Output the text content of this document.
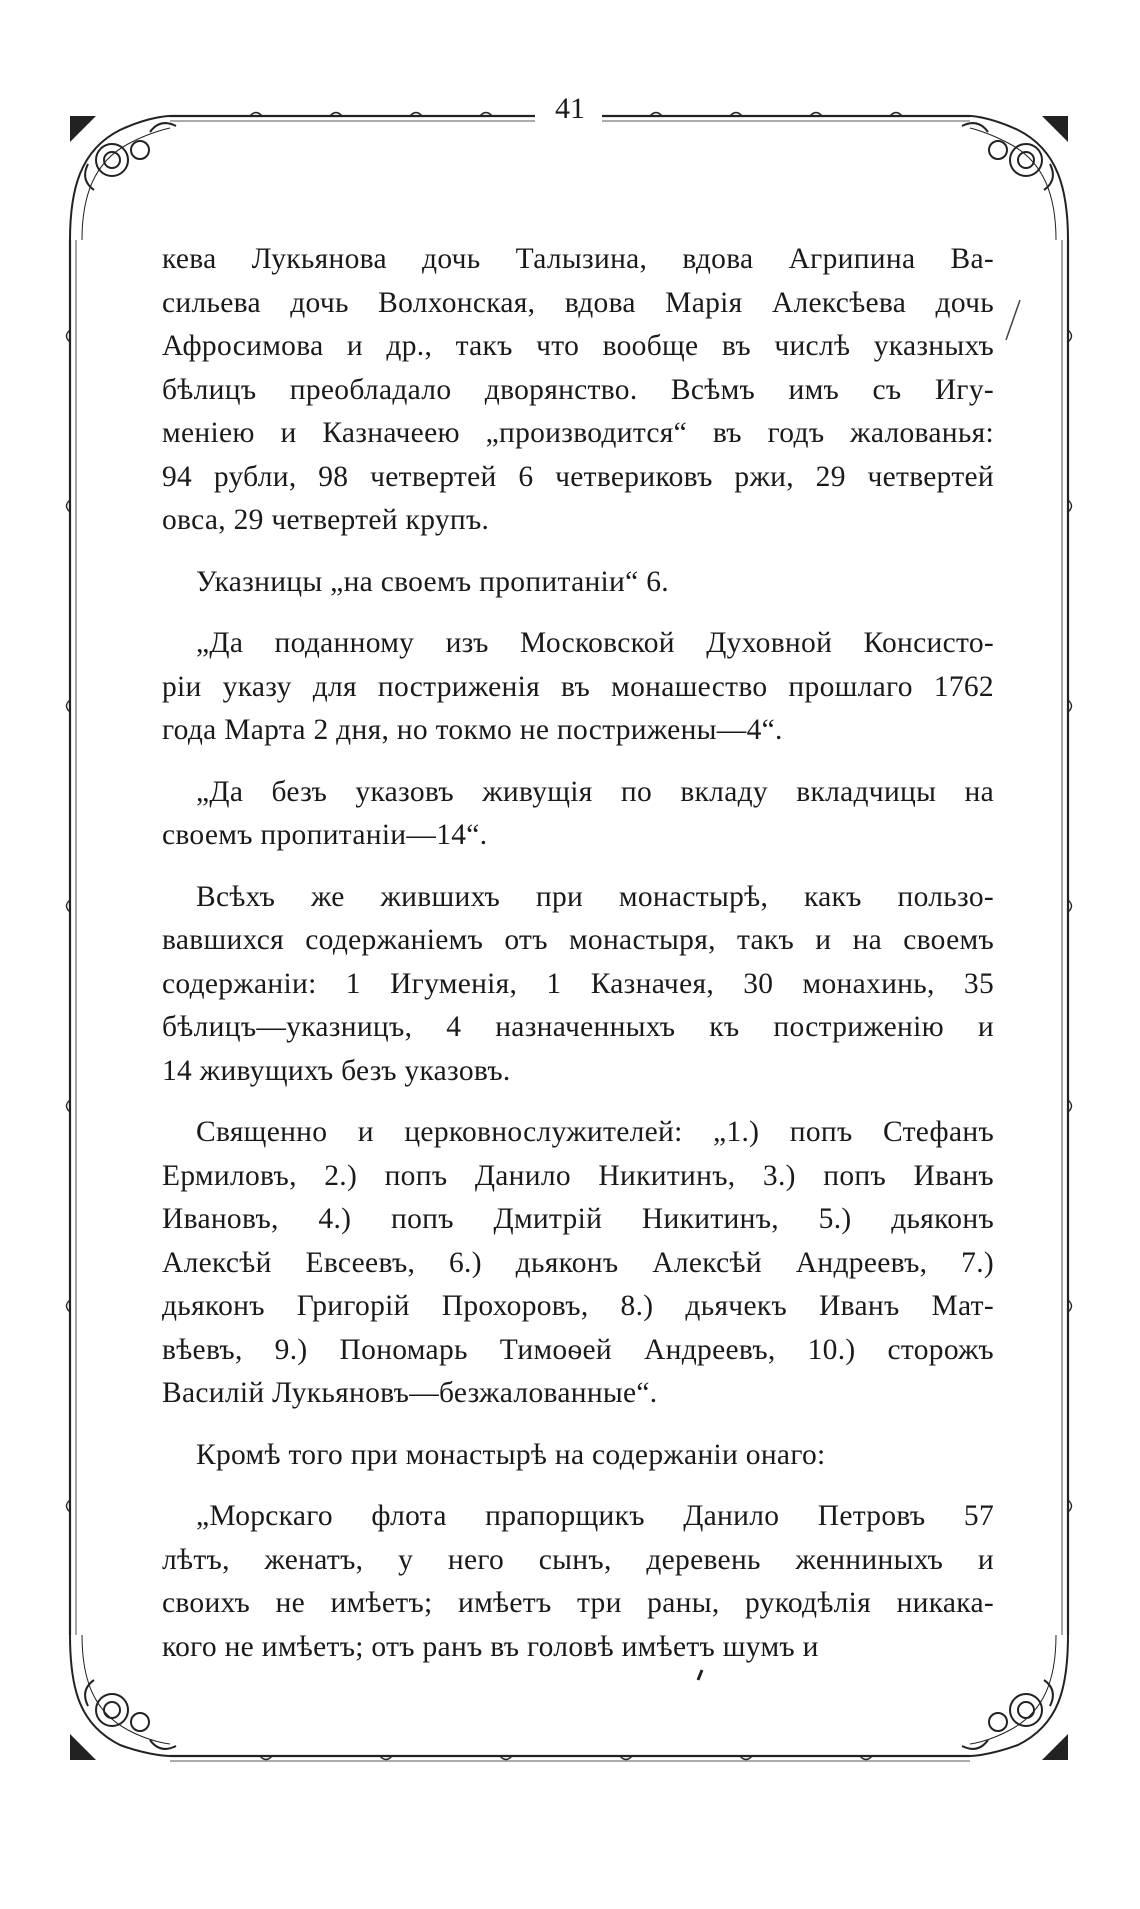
41

кева Лукьянова дочь Талызина, вдова Агрипина Ва-
сильева дочь Волхонская, вдова Марія Алексѣева дочь
Афросимова и др., такъ что вообще въ числѣ указныхъ
бѣлицъ преобладало дворянство. Всѣмъ имъ съ Игу-
меніею и Казначеею „производится“ въ годъ жалованья:
94 рубли, 98 четвертей 6 четвериковъ ржи, 29 четвертей
овса, 29 четвертей крупъ.

Указницы „на своемъ пропитаніи“ 6.

„Да поданному изъ Московской Духовной Консисто-
ріи указу для постриженія въ монашество прошлаго 1762
года Марта 2 дня, но токмо не пострижены—4“.

„Да безъ указовъ живущія по вкладу вкладчицы на
своемъ пропитаніи—14“.

Всѣхъ же жившихъ при монастырѣ, какъ пользо-
вавшихся содержаніемъ отъ монастыря, такъ и на своемъ
содержаніи: 1 Игуменія, 1 Казначея, 30 монахинь, 35
бѣлицъ—указницъ, 4 назначенныхъ къ постриженію и
14 живущихъ безъ указовъ.

Священно и церковнослужителей: „1.) попъ Стефанъ
Ермиловъ, 2.) попъ Данило Никитинъ, 3.) попъ Иванъ
Ивановъ, 4.) попъ Дмитрій Никитинъ, 5.) дьяконъ
Алексѣй Евсеевъ, 6.) дьяконъ Алексѣй Андреевъ, 7.)
дьяконъ Григорій Прохоровъ, 8.) дьячекъ Иванъ Мат-
вѣевъ, 9.) Пономарь Тимоѳей Андреевъ, 10.) сторожъ
Василій Лукьяновъ—безжалованные“.

Кромѣ того при монастырѣ на содержаніи онаго:

„Морскаго флота прапорщикъ Данило Петровъ 57
лѣтъ, женатъ, у него сынъ, деревень женниныхъ и
своихъ не имѣетъ; имѣетъ три раны, рукодѣлія никака-
кого не имѣетъ; отъ ранъ въ головѣ имѣетъ шумъ и
